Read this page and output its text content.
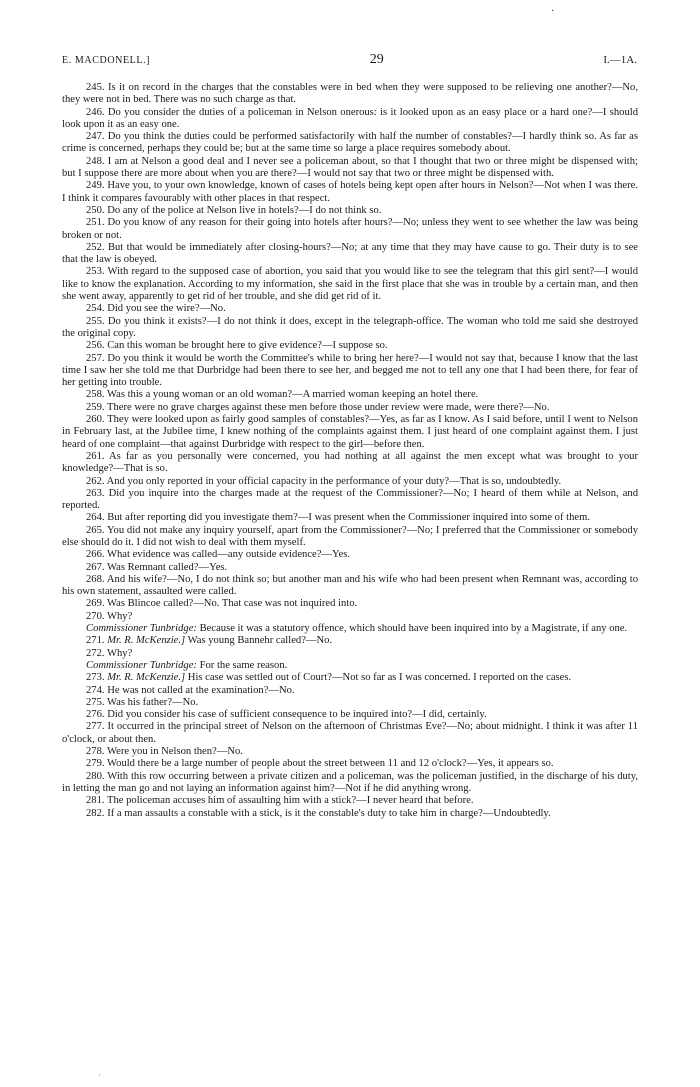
·
E. MACDONELL.]	29	I.—1A.

245. Is it on record in the charges that the constables were in bed when they were supposed to be relieving one another?—No, they were not in bed. There was no such charge as that.

246. Do you consider the duties of a policeman in Nelson onerous: is it looked upon as an easy place or a hard one?—I should look upon it as an easy one.

247. Do you think the duties could be performed satisfactorily with half the number of constables?—I hardly think so. As far as crime is concerned, perhaps they could be; but at the same time so large a place requires somebody about.

248. I am at Nelson a good deal and I never see a policeman about, so that I thought that two or three might be dispensed with; but I suppose there are more about when you are there?—I would not say that two or three might be dispensed with.

249. Have you, to your own knowledge, known of cases of hotels being kept open after hours in Nelson?—Not when I was there. I think it compares favourably with other places in that respect.

250. Do any of the police at Nelson live in hotels?—I do not think so.

251. Do you know of any reason for their going into hotels after hours?—No; unless they went to see whether the law was being broken or not.

252. But that would be immediately after closing-hours?—No; at any time that they may have cause to go. Their duty is to see that the law is obeyed.

253. With regard to the supposed case of abortion, you said that you would like to see the telegram that this girl sent?—I would like to know the explanation. According to my information, she said in the first place that she was in trouble by a certain man, and then she went away, apparently to get rid of her trouble, and she did get rid of it.

254. Did you see the wire?—No.

255. Do you think it exists?—I do not think it does, except in the telegraph-office. The woman who told me said she destroyed the original copy.

256. Can this woman be brought here to give evidence?—I suppose so.

257. Do you think it would be worth the Committee's while to bring her here?—I would not say that, because I know that the last time I saw her she told me that Durbridge had been there to see her, and begged me not to tell any one that I had been there, for fear of her getting into trouble.

258. Was this a young woman or an old woman?—A married woman keeping an hotel there.

259. There were no grave charges against these men before those under review were made, were there?—No.

260. They were looked upon as fairly good samples of constables?—Yes, as far as I know. As I said before, until I went to Nelson in February last, at the Jubilee time, I knew nothing of the complaints against them. I just heard of one complaint against them. I just heard of one complaint—that against Durbridge with respect to the girl—before then.

261. As far as you personally were concerned, you had nothing at all against the men except what was brought to your knowledge?—That is so.

262. And you only reported in your official capacity in the performance of your duty?—That is so, undoubtedly.

263. Did you inquire into the charges made at the request of the Commissioner?—No; I heard of them while at Nelson, and reported.

264. But after reporting did you investigate them?—I was present when the Commissioner inquired into some of them.

265. You did not make any inquiry yourself, apart from the Commissioner?—No; I preferred that the Commissioner or somebody else should do it. I did not wish to deal with them myself.

266. What evidence was called—any outside evidence?—Yes.

267. Was Remnant called?—Yes.

268. And his wife?—No, I do not think so; but another man and his wife who had been present when Remnant was, according to his own statement, assaulted were called.

269. Was Blincoe called?—No. That case was not inquired into.

270. Why?

Commissioner Tunbridge: Because it was a statutory offence, which should have been inquired into by a Magistrate, if any one.

271. Mr. R. McKenzie.] Was young Bannehr called?—No.

272. Why?

Commissioner Tunbridge: For the same reason.

273. Mr. R. McKenzie.] His case was settled out of Court?—Not so far as I was concerned. I reported on the cases.

274. He was not called at the examination?—No.

275. Was his father?—No.

276. Did you consider his case of sufficient consequence to be inquired into?—I did, certainly.

277. It occurred in the principal street of Nelson on the afternoon of Christmas Eve?—No; about midnight. I think it was after 11 o'clock, or about then.

278. Were you in Nelson then?—No.

279. Would there be a large number of people about the street between 11 and 12 o'clock?—Yes, it appears so.

280. With this row occurring between a private citizen and a policeman, was the policeman justified, in the discharge of his duty, in letting the man go and not laying an information against him?—Not if he did anything wrong.

281. The policeman accuses him of assaulting him with a stick?—I never heard that before.

282. If a man assaults a constable with a stick, is it the constable's duty to take him in charge?—Undoubtedly.

·
